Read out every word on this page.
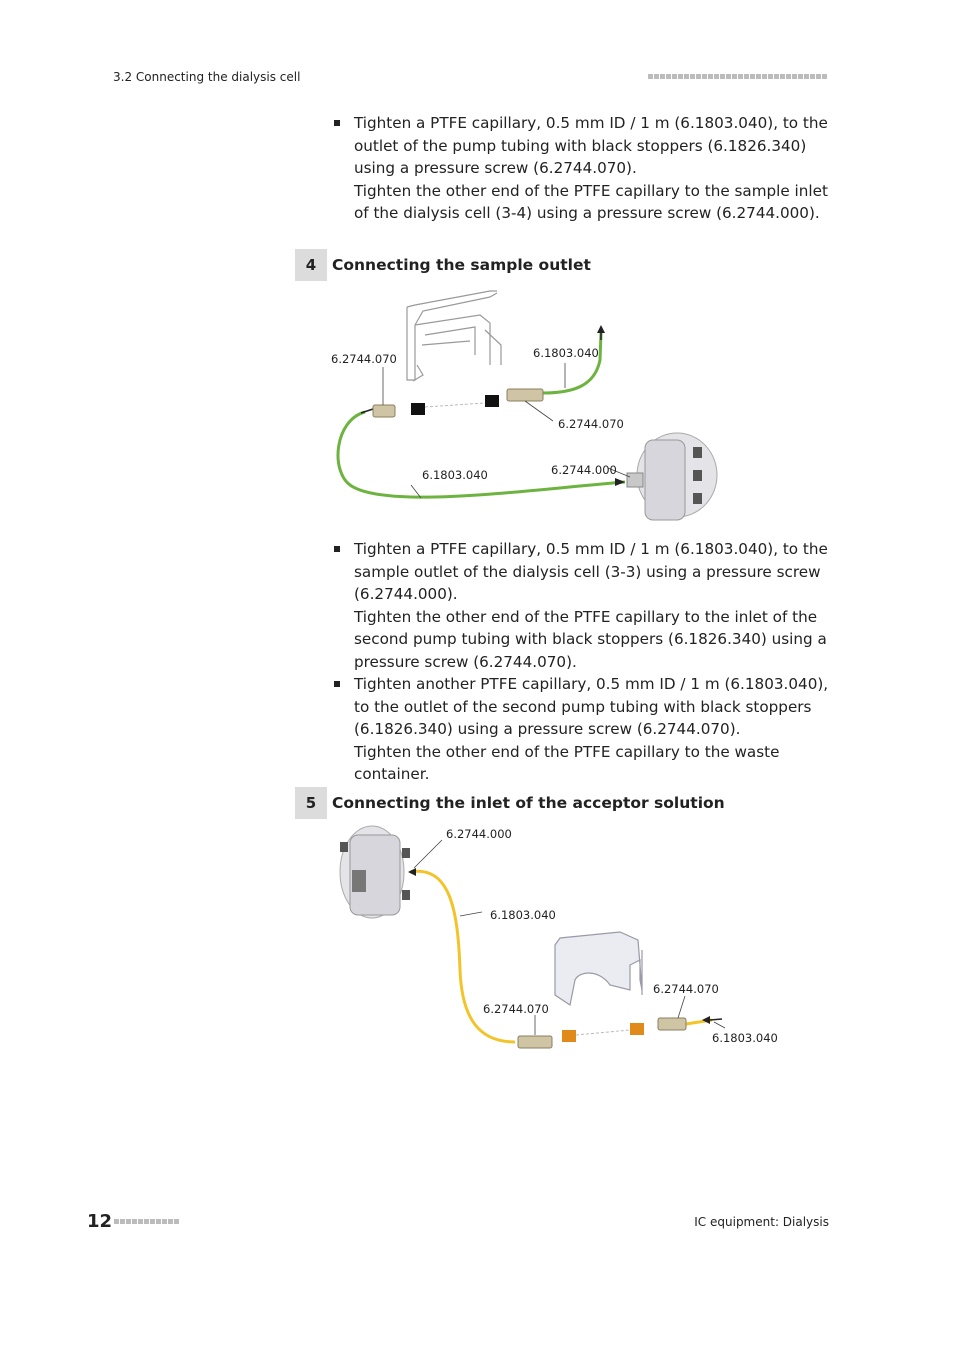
3.2 Connecting the dialysis cell

Tighten a PTFE capillary, 0.5 mm ID / 1 m (6.1803.040), to the outlet of the pump tubing with black stoppers (6.1826.340) using a pressure screw (6.2744.070).

Tighten the other end of the PTFE capillary to the sample inlet of the dialysis cell (3-4) using a pressure screw (6.2744.000).

4	Connecting the sample outlet
6.2744.070	6.1803.040
6.2744.070
6.1803.040	6.2744.000

Tighten a PTFE capillary, 0.5 mm ID / 1 m (6.1803.040), to the sample outlet of the dialysis cell (3-3) using a pressure screw (6.2744.000).

Tighten the other end of the PTFE capillary to the inlet of the second pump tubing with black stoppers (6.1826.340) using a pressure screw (6.2744.070).

Tighten another PTFE capillary, 0.5 mm ID / 1 m (6.1803.040), to the outlet of the second pump tubing with black stoppers (6.1826.340) using a pressure screw (6.2744.070).

Tighten the other end of the PTFE capillary to the waste container.

5	Connecting the inlet of the acceptor solution
6.2744.000
6.1803.040
6.2744.070
6.2744.070
6.1803.040
12	IC equipment: Dialysis
